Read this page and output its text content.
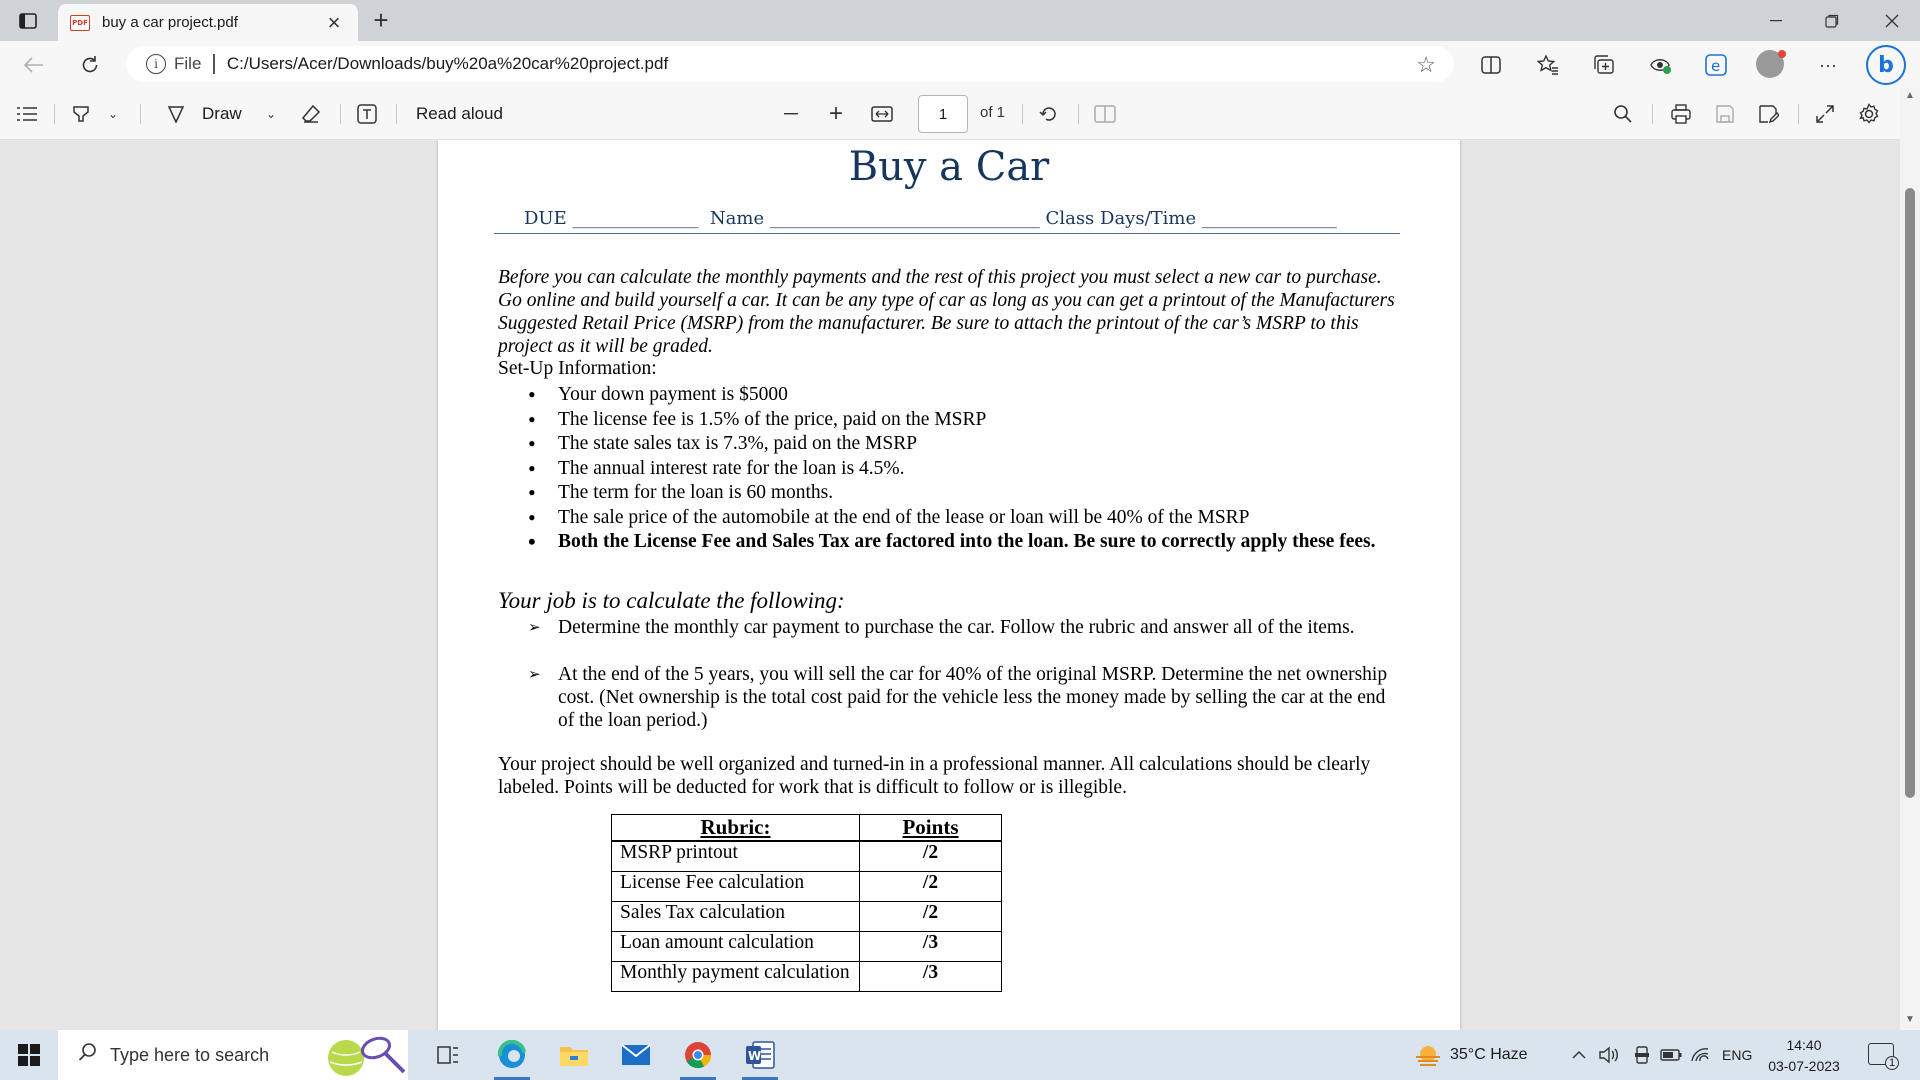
PDF buy a car project.pdf	× +
i File C:/Users/Acer/Downloads/buy%20a%20car%20project.pdf	☆	e	···	b
⌄	Draw	⌄	Read aloud	+	1	of 1
Buy a Car
DUE ______________  Name ______________________________ Class Days/Time _______________
Before you can calculate the monthly payments and the rest of this project you must select a new car to purchase. Go online and build yourself a car. It can be any type of car as long as you can get a printout of the Manufacturers Suggested Retail Price (MSRP) from the manufacturer. Be sure to attach the printout of the car’s MSRP to this project as it will be graded.
Set-Up Information:
• Your down payment is $5000
• The license fee is 1.5% of the price, paid on the MSRP
• The state sales tax is 7.3%, paid on the MSRP
• The annual interest rate for the loan is 4.5%.
• The term for the loan is 60 months.
• The sale price of the automobile at the end of the lease or loan will be 40% of the MSRP
• Both the License Fee and Sales Tax are factored into the loan. Be sure to correctly apply these fees.
Your job is to calculate the following:
➢ Determine the monthly car payment to purchase the car. Follow the rubric and answer all of the items.
➢ At the end of the 5 years, you will sell the car for 40% of the original MSRP. Determine the net ownership cost. (Net ownership is the total cost paid for the vehicle less the money made by selling the car at the end of the loan period.)
Your project should be well organized and turned-in in a professional manner. All calculations should be clearly labeled. Points will be deducted for work that is difficult to follow or is illegible.
Rubric:	Points
MSRP printout	/2
License Fee calculation	/2
Sales Tax calculation	/2
Loan amount calculation	/3
Monthly payment calculation	/3
▲
▼
Type here to search	W	35°C Haze	ENG
14:40
03-07-2023	1
